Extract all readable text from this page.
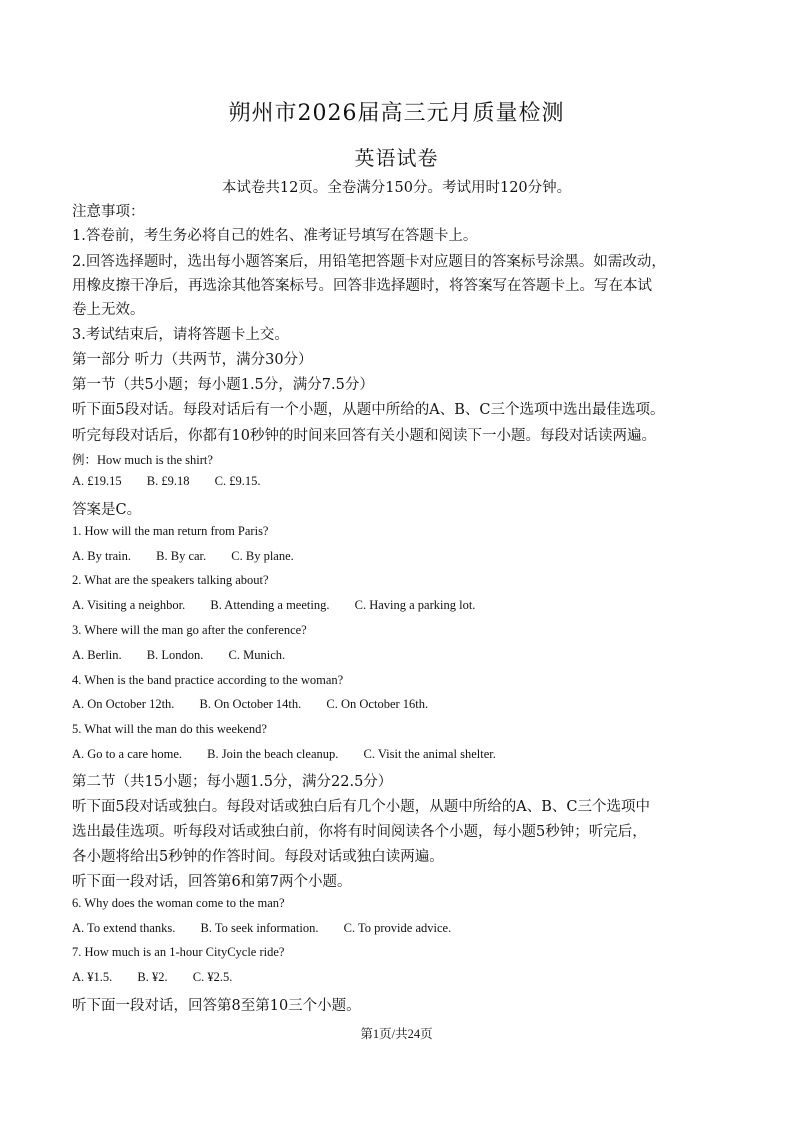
朔州市2026届高三元月质量检测
英语试卷
本试卷共12页。全卷满分150分。考试用时120分钟。
注意事项：
1.答卷前，考生务必将自己的姓名、准考证号填写在答题卡上。
2.回答选择题时，选出每小题答案后，用铅笔把答题卡对应题目的答案标号涂黑。如需改动，
用橡皮擦干净后，再选涂其他答案标号。回答非选择题时，将答案写在答题卡上。写在本试
卷上无效。
3.考试结束后，请将答题卡上交。
第一部分 听力（共两节，满分30分）
第一节（共5小题；每小题1.5分，满分7.5分）
听下面5段对话。每段对话后有一个小题，从题中所给的A、B、C三个选项中选出最佳选项。
听完每段对话后，你都有10秒钟的时间来回答有关小题和阅读下一小题。每段对话读两遍。
例：How much is the shirt?
A. £19.15 B. £9.18 C. £9.15.
答案是C。
1. How will the man return from Paris?
A. By train. B. By car. C. By plane.
2. What are the speakers talking about?
A. Visiting a neighbor. B. Attending a meeting. C. Having a parking lot.
3. Where will the man go after the conference?
A. Berlin. B. London. C. Munich.
4. When is the band practice according to the woman?
A. On October 12th. B. On October 14th. C. On October 16th.
5. What will the man do this weekend?
A. Go to a care home. B. Join the beach cleanup. C. Visit the animal shelter.
第二节（共15小题；每小题1.5分，满分22.5分）
听下面5段对话或独白。每段对话或独白后有几个小题，从题中所给的A、B、C三个选项中
选出最佳选项。听每段对话或独白前，你将有时间阅读各个小题，每小题5秒钟；听完后，
各小题将给出5秒钟的作答时间。每段对话或独白读两遍。
听下面一段对话，回答第6和第7两个小题。
6. Why does the woman come to the man?
A. To extend thanks. B. To seek information. C. To provide advice.
7. How much is an 1-hour CityCycle ride?
A. ¥1.5. B. ¥2. C. ¥2.5.
听下面一段对话，回答第8至第10三个小题。
第1页/共24页
